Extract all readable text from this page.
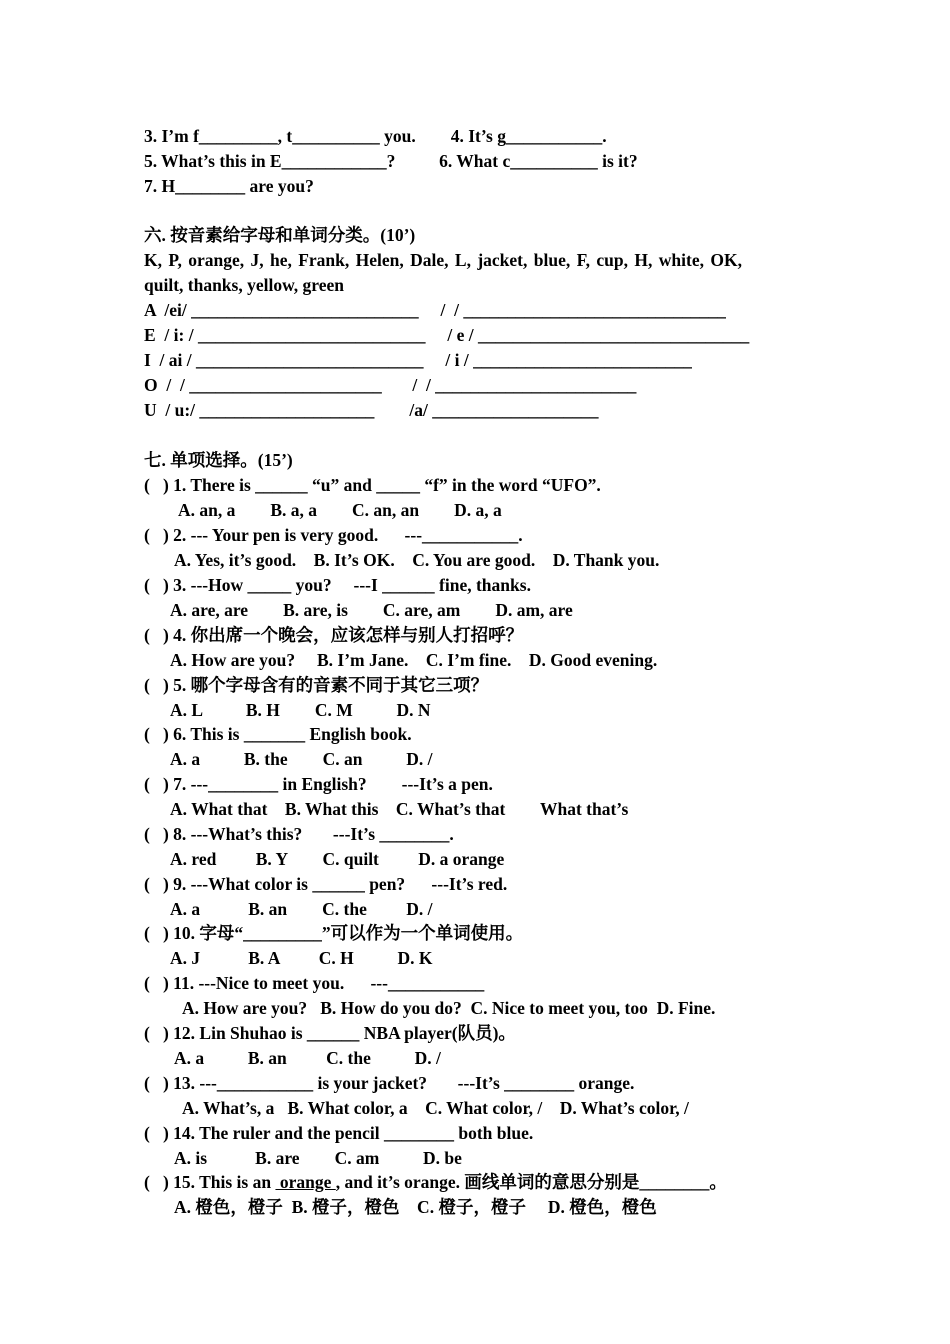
3. I’m f_________, t__________ you.        4. It’s g___________.
5. What’s this in E____________?          6. What c__________ is it?
7. H________ are you?
六. 按音素给字母和单词分类。(10’)
K, P, orange, J, he, Frank, Helen, Dale, L, jacket, blue, F, cup, H, white, OK,
quilt, thanks, yellow, green
A  /ei/ __________________________     /  / ______________________________
E  / i: / __________________________     / e / _______________________________
I  / ai / __________________________     / i / _________________________
O  /  / ______________________       /  / _______________________
U  / u:/ ____________________        /a/ ___________________
七. 单项选择。(15’)
(   ) 1. There is ______ “u” and _____ “f” in the word “UFO”.
A. an, a        B. a, a        C. an, an        D. a, a
(   ) 2. --- Your pen is very good.      ---___________.
A. Yes, it’s good.    B. It’s OK.    C. You are good.    D. Thank you.
(   ) 3. ---How _____ you?     ---I ______ fine, thanks.
A. are, are        B. are, is        C. are, am        D. am, are
(   ) 4. 你出席一个晚会，应该怎样与别人打招呼？
A. How are you?     B. I’m Jane.    C. I’m fine.    D. Good evening.
(   ) 5. 哪个字母含有的音素不同于其它三项？
A. L          B. H        C. M          D. N
(   ) 6. This is _______ English book.
A. a          B. the        C. an          D. /
(   ) 7. ---________ in English?        ---It’s a pen.
A. What that    B. What this    C. What’s that        What that’s
(   ) 8. ---What’s this?       ---It’s ________.
A. red         B. Y        C. quilt         D. a orange
(   ) 9. ---What color is ______ pen?      ---It’s red.
A. a           B. an        C. the         D. /
(   ) 10. 字母“_________”可以作为一个单词使用。
A. J           B. A         C. H          D. K
(   ) 11. ---Nice to meet you.      ---___________
A. How are you?   B. How do you do?  C. Nice to meet you, too  D. Fine.
(   ) 12. Lin Shuhao is ______ NBA player(队员)。
A. a          B. an         C. the          D. /
(   ) 13. ---___________ is your jacket?       ---It’s ________ orange.
A. What’s, a   B. What color, a    C. What color, /    D. What’s color, /
(   ) 14. The ruler and the pencil ________ both blue.
A. is           B. are        C. am          D. be
(   ) 15. This is an  orange , and it’s orange. 画线单词的意思分别是________。
A. 橙色，橙子  B. 橙子，橙色    C. 橙子，橙子     D. 橙色，橙色
